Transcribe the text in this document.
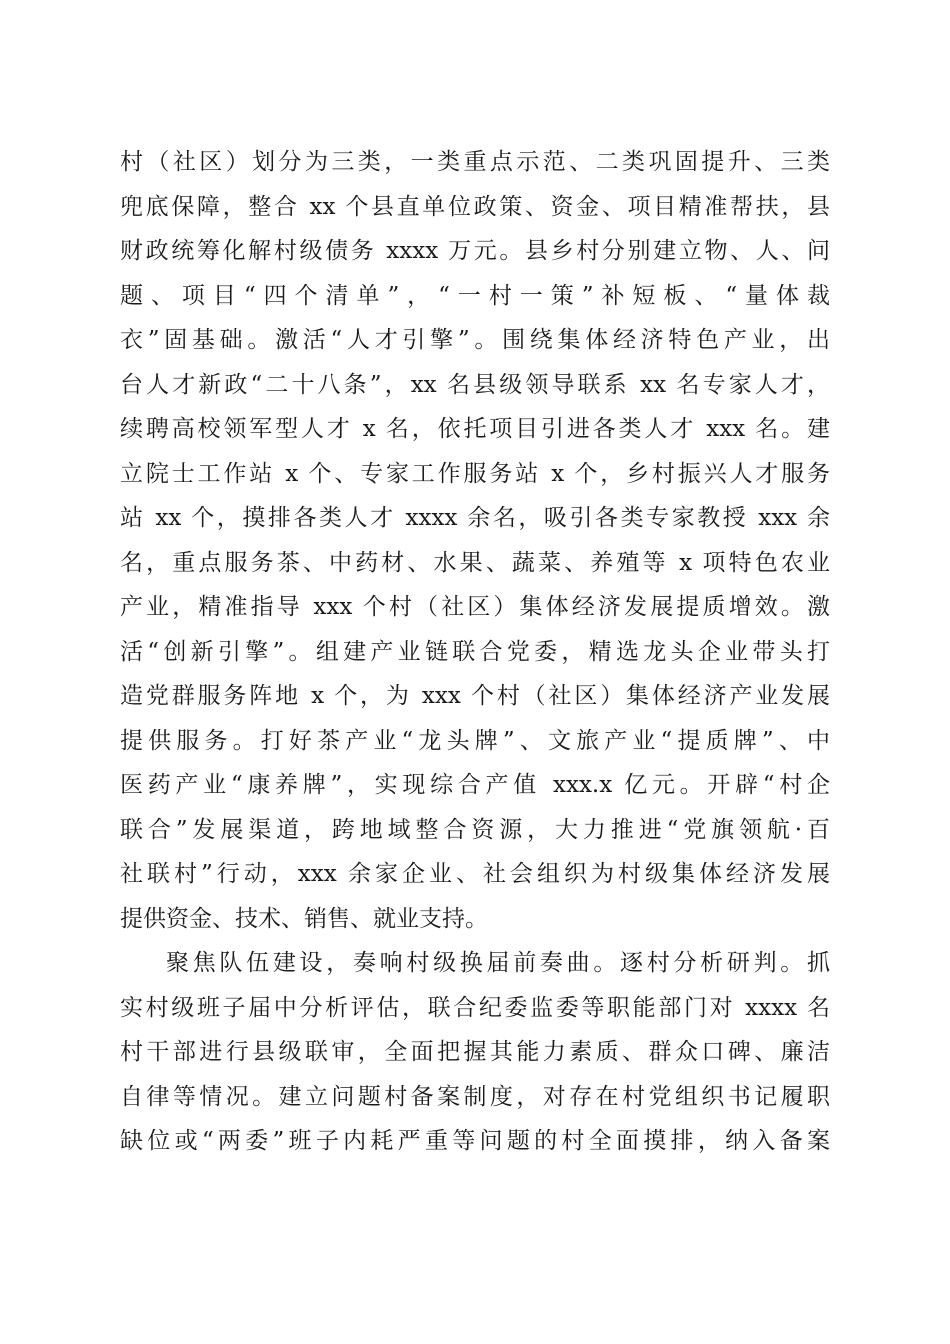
村（社区）划分为三类，一类重点示范、二类巩固提升、三类
兜底保障，整合 xx 个县直单位政策、资金、项目精准帮扶，县
财政统筹化解村级债务 xxxx 万元。县乡村分别建立物、人、问
题、项目“四个清单”，“一村一策”补短板、“量体裁
衣”固基础。激活“人才引擎”。围绕集体经济特色产业，出
台人才新政“二十八条”，xx 名县级领导联系 xx 名专家人才，
续聘高校领军型人才 x 名，依托项目引进各类人才 xxx 名。建
立院士工作站 x 个、专家工作服务站 x 个，乡村振兴人才服务
站 xx 个，摸排各类人才 xxxx 余名，吸引各类专家教授 xxx 余
名，重点服务茶、中药材、水果、蔬菜、养殖等 x 项特色农业
产业，精准指导 xxx 个村（社区）集体经济发展提质增效。激
活“创新引擎”。组建产业链联合党委，精选龙头企业带头打
造党群服务阵地 x 个，为 xxx 个村（社区）集体经济产业发展
提供服务。打好茶产业“龙头牌”、文旅产业“提质牌”、中
医药产业“康养牌”，实现综合产值 xxx.x 亿元。开辟“村企
联合”发展渠道，跨地域整合资源，大力推进“党旗领航·百
社联村”行动，xxx 余家企业、社会组织为村级集体经济发展
提供资金、技术、销售、就业支持。
聚焦队伍建设，奏响村级换届前奏曲。逐村分析研判。抓
实村级班子届中分析评估，联合纪委监委等职能部门对 xxxx 名
村干部进行县级联审，全面把握其能力素质、群众口碑、廉洁
自律等情况。建立问题村备案制度，对存在村党组织书记履职
缺位或“两委”班子内耗严重等问题的村全面摸排，纳入备案
